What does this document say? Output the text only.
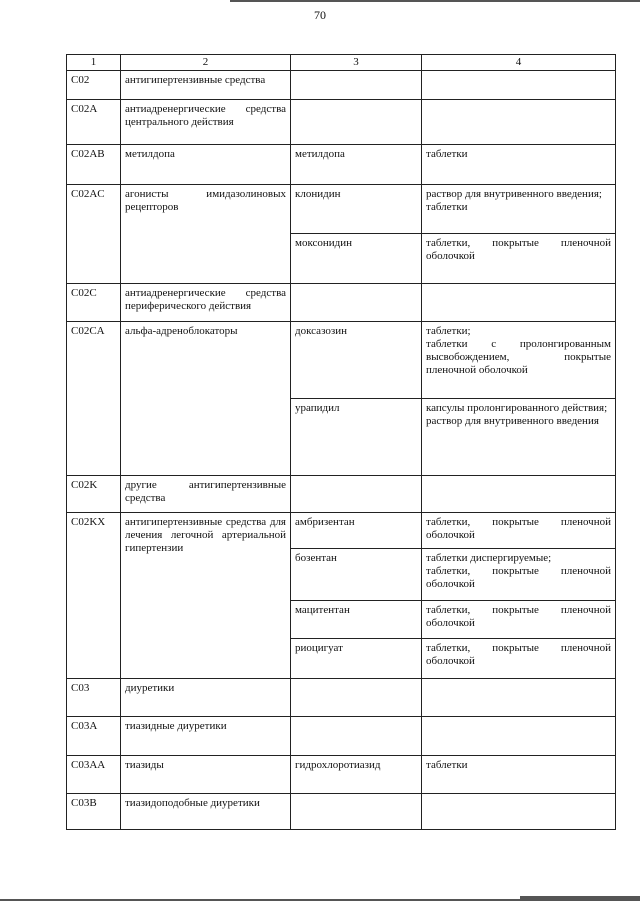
70
1	2	3	4
C02	антигипертензивные средства		
C02A	антиадренергические средства центрального действия		
C02AB	метилдопа	метилдопа	таблетки

C02AC	агонисты имидазолиновых рецепторов	клонидин	раствор для внутривенного введения;
таблетки

		моксонидин	таблетки, покрытые пленочной оболочкой
C02C	антиадренергические средства периферического действия		
C02CA	альфа-адреноблокаторы	доксазозин	таблетки;
таблетки с пролонгированным высвобождением, покрытые пленочной оболочкой

		урапидил	капсулы пролонгированного действия;
раствор для внутривенного введения

C02K	другие антигипертензивные средства		
C02KX	антигипертензивные средства для лечения легочной артериальной гипертензии	амбризентан	таблетки, покрытые пленочной оболочкой
		бозентан	таблетки диспергируемые;
таблетки, покрытые пленочной оболочкой

		мацитентан	таблетки, покрытые пленочной оболочкой
		риоцигуат	таблетки, покрытые пленочной оболочкой
C03	диуретики		
C03A	тиазидные диуретики		
C03AA	тиазиды	гидрохлоротиазид	таблетки

C03B	тиазидоподобные диуретики		
